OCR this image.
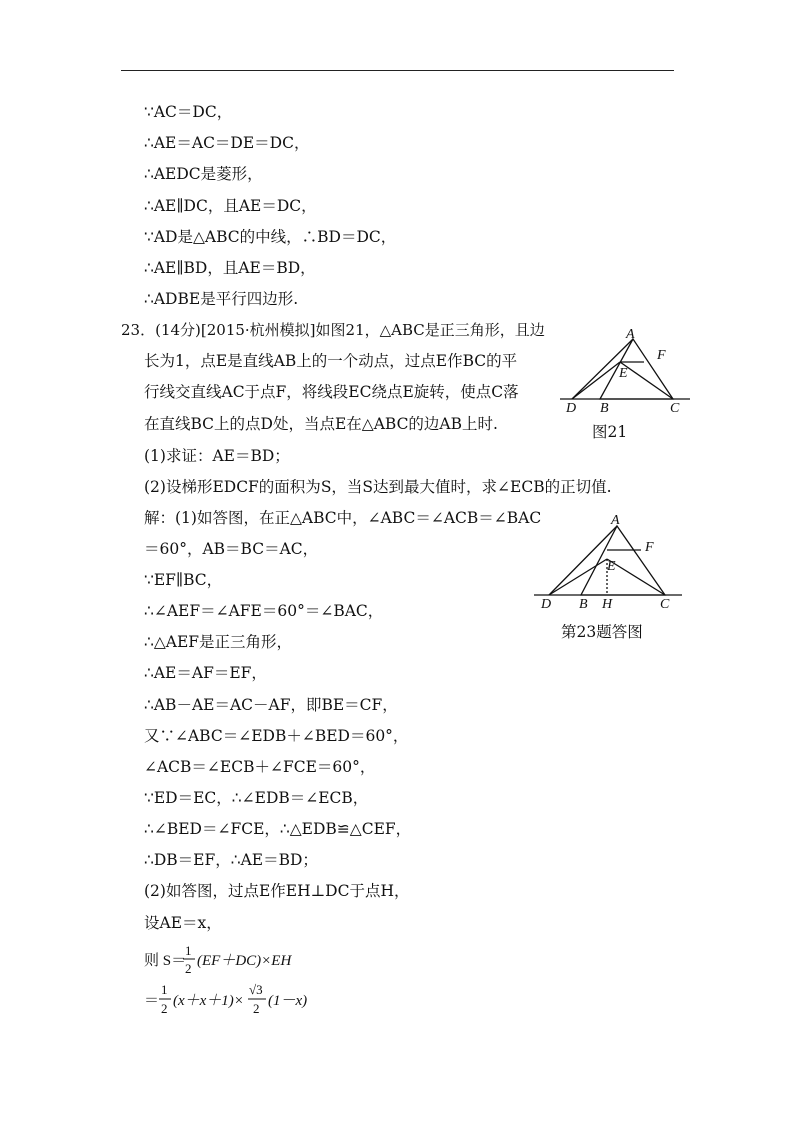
∵AC＝DC，
∴AE＝AC＝DE＝DC，
∴AEDC是菱形，
∴AE∥DC，且AE＝DC，
∵AD是△ABC的中线，∴BD＝DC，
∴AE∥BD，且AE＝BD，
∴ADBE是平行四边形.
23．(14分)[2015·杭州模拟]如图21，△ABC是正三角形，且边
长为1，点E是直线AB上的一个动点，过点E作BC的平
行线交直线AC于点F，将线段EC绕点E旋转，使点C落
在直线BC上的点D处，当点E在△ABC的边AB上时.
(1)求证：AE＝BD；
(2)设梯形EDCF的面积为S，当S达到最大值时，求∠ECB的正切值.
A
F
E
D B	C
图21
解：(1)如答图，在正△ABC中，∠ABC＝∠ACB＝∠BAC
＝60°，AB＝BC＝AC，
∵EF∥BC，
∴∠AEF＝∠AFE＝60°＝∠BAC，
∴△AEF是正三角形，
∴AE＝AF＝EF，
∴AB－AE＝AC－AF，即BE＝CF，
又∵∠ABC＝∠EDB＋∠BED＝60°，
∠ACB＝∠ECB＋∠FCE＝60°，
∵ED＝EC，∴∠EDB＝∠ECB，
∴∠BED＝∠FCE，∴△EDB≌△CEF，
∴DB＝EF，∴AE＝BD；
(2)如答图，过点E作EH⊥DC于点H，
设AE＝x，
则 S＝
1
2 (EF＋DC)×EH
＝
1
2 (x＋x＋1)×
√3
2 (1－x)
A
F
E
D B H	C
第23题答图
